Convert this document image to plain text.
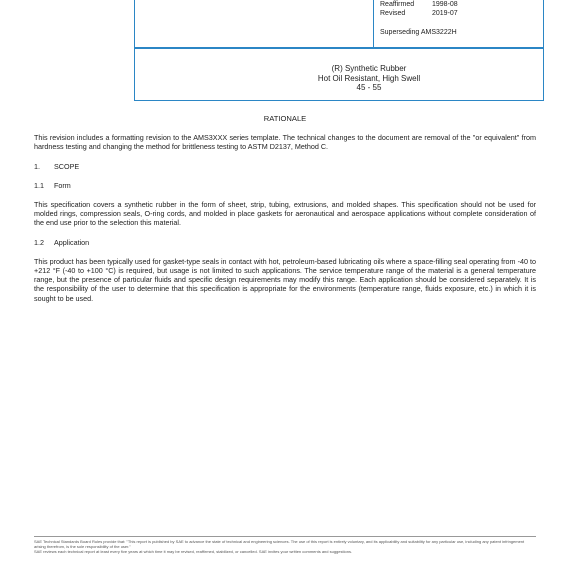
Reaffirmed	1998-08
Revised	2019-07
Superseding AMS3222H
(R) Synthetic Rubber
Hot Oil Resistant, High Swell
45 - 55
RATIONALE

This revision includes a formatting revision to the AMS3XXX series template. The technical changes to the document are removal of the "or equivalent" from hardness testing and changing the method for brittleness testing to ASTM D2137, Method C.

1.	SCOPE
1.1	Form

This specification covers a synthetic rubber in the form of sheet, strip, tubing, extrusions, and molded shapes. This specification should not be used for molded rings, compression seals, O-ring cords, and molded in place gaskets for aeronautical and aerospace applications without complete consideration of the end use prior to the selection this material.

1.2	Application

This product has been typically used for gasket-type seals in contact with hot, petroleum-based lubricating oils where a space-filling seal operating from -40 to +212 °F (-40 to +100 °C) is required, but usage is not limited to such applications. The service temperature range of the material is a general temperature range, but the presence of particular fluids and specific design requirements may modify this range. Each application should be considered separately. It is the responsibility of the user to determine that this specification is appropriate for the environments (temperature range, fluids exposure, etc.) in which it is sought to be used.

SAE Technical Standards Board Rules provide that: "This report is published by SAE to advance the state of technical and engineering sciences. The use of this report is entirely voluntary, and its applicability and suitability for any particular use, including any patent infringement arising therefrom, is the sole responsibility of the user."
SAE reviews each technical report at least every five years at which time it may be revised, reaffirmed, stabilized, or cancelled. SAE invites your written comments and suggestions.
